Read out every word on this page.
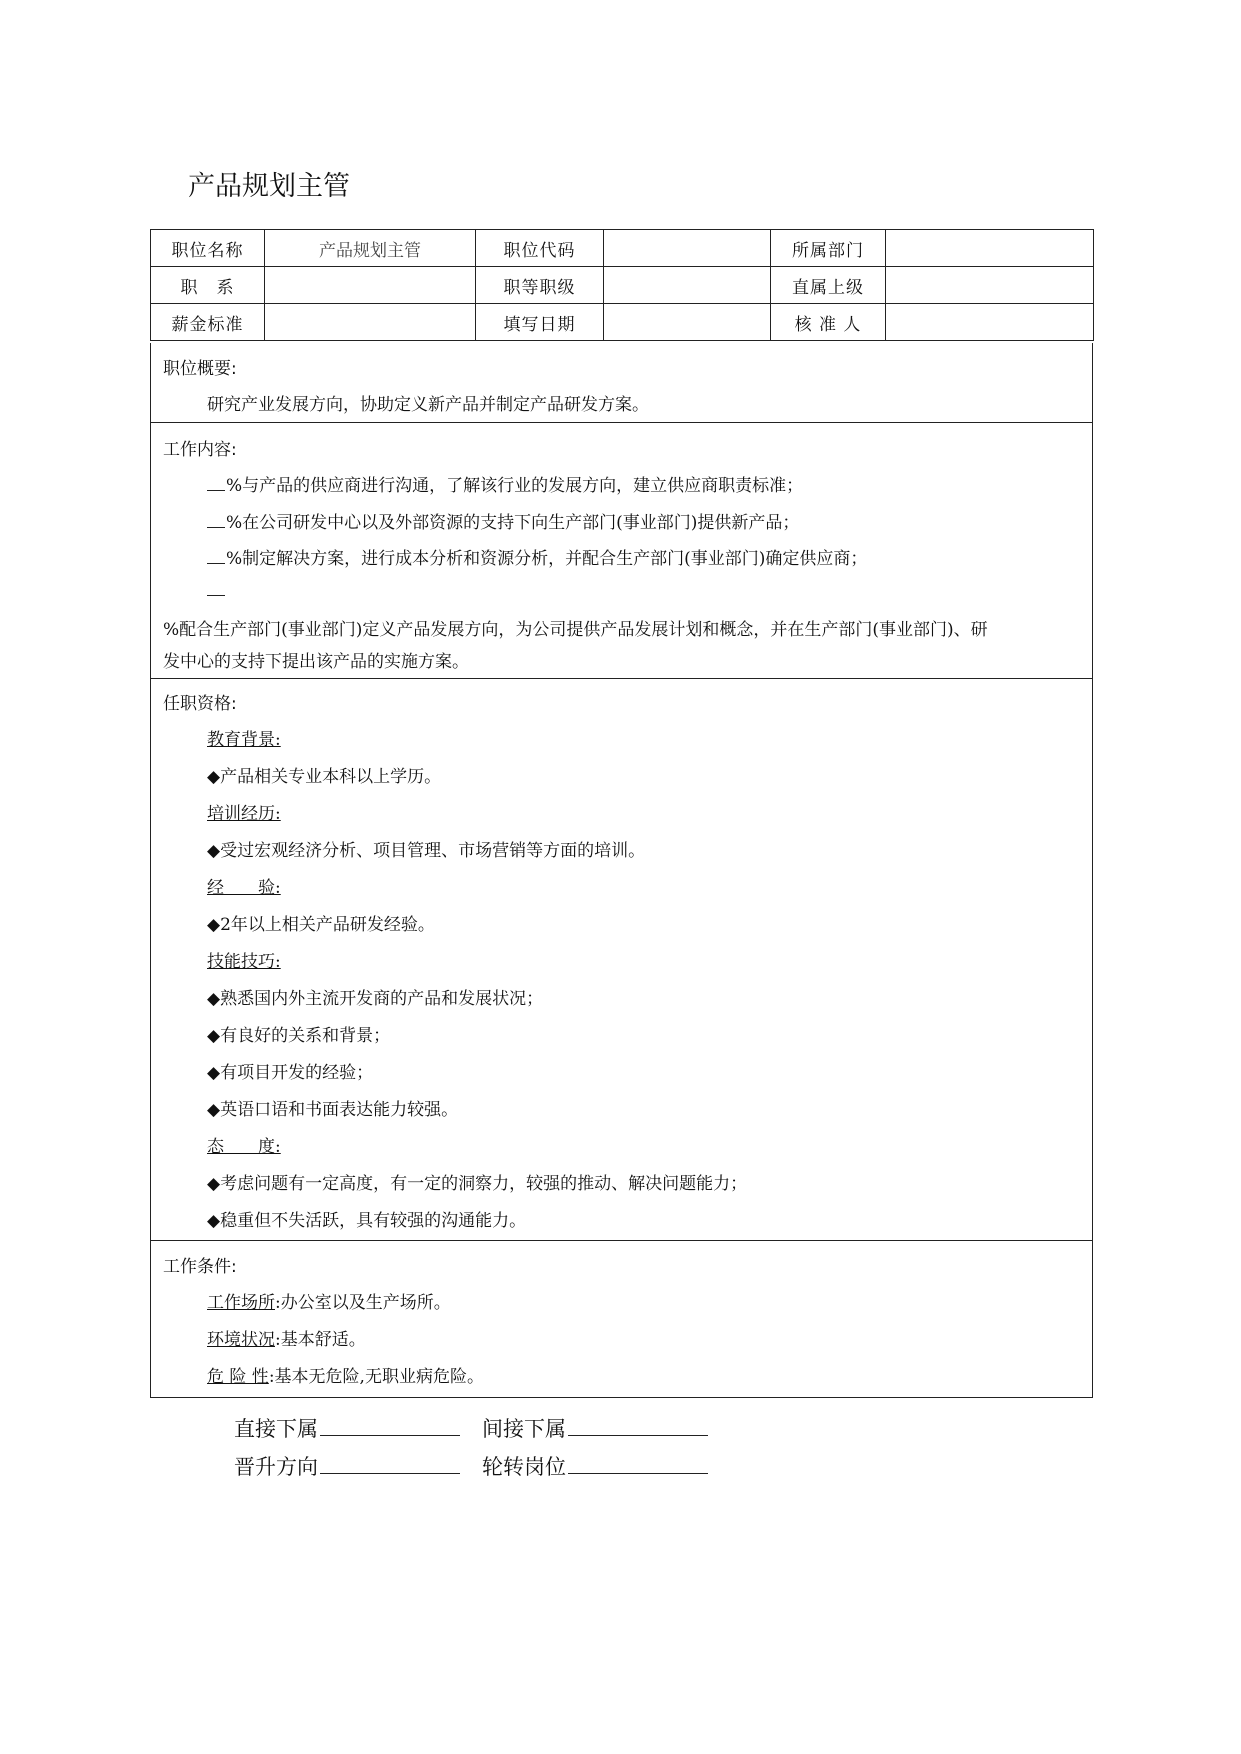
产品规划主管
职位名称	产品规划主管	职位代码		所属部门	
职　系		职等职级		直属上级	
薪金标准		填写日期		核 准 人	
职位概要:
研究产业发展方向，协助定义新产品并制定产品研发方案。
工作内容:
%与产品的供应商进行沟通，了解该行业的发展方向，建立供应商职责标准；
%在公司研发中心以及外部资源的支持下向生产部门(事业部门)提供新产品；
%制定解决方案，进行成本分析和资源分析，并配合生产部门(事业部门)确定供应商；
%配合生产部门(事业部门)定义产品发展方向，为公司提供产品发展计划和概念，并在生产部门(事业部门)、研
发中心的支持下提出该产品的实施方案。
任职资格:
教育背景:
◆产品相关专业本科以上学历。
培训经历:
◆受过宏观经济分析、项目管理、市场营销等方面的培训。
经　　验:
◆2年以上相关产品研发经验。
技能技巧:
◆熟悉国内外主流开发商的产品和发展状况；
◆有良好的关系和背景；
◆有项目开发的经验；
◆英语口语和书面表达能力较强。
态　　度:
◆考虑问题有一定高度，有一定的洞察力，较强的推动、解决问题能力；
◆稳重但不失活跃，具有较强的沟通能力。
工作条件:
工作场所:办公室以及生产场所。
环境状况:基本舒适。
危 险 性:基本无危险,无职业病危险。
直接下属	间接下属
晋升方向	轮转岗位
